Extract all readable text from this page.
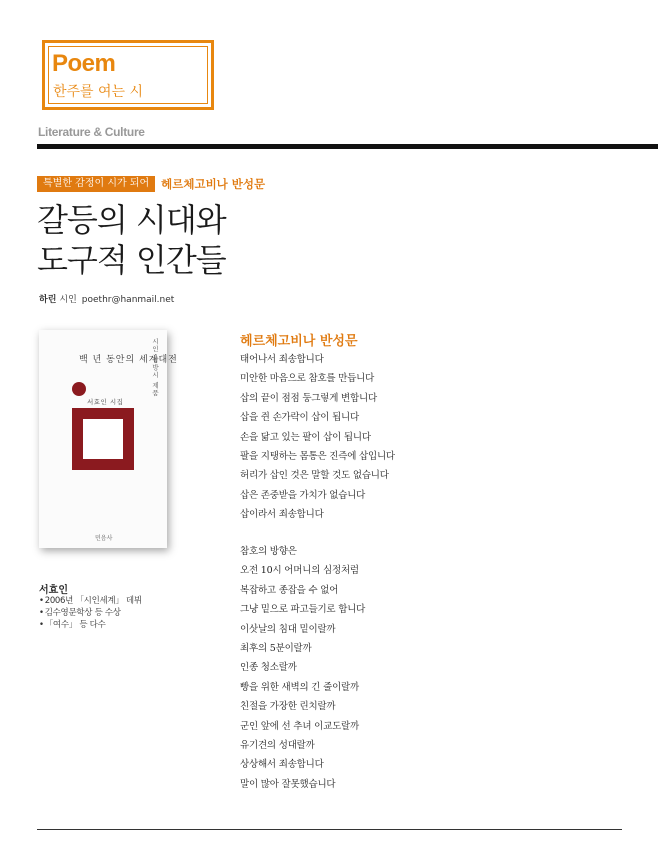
Poem
한주를 여는 시
Literature & Culture
특별한 감정이 시가 되어	헤르체고비나 반성문
갈등의 시대와
도구적 인간들
하린 시인 poethr@hanmail.net
백 년 동안의 세계대전
시인 창방시 제품
서효인 시집
민음사
서효인
• 2006년 「시인세계」 데뷔
• 김수영문학상 등 수상
• 「여수」 등 다수
헤르체고비나 반성문
태어나서 죄송합니다
미안한 마음으로 참호를 만듭니다
삽의 끝이 점점 둥그렇게 변합니다
삽을 쥔 손가락이 삽이 됩니다
손을 닮고 있는 팔이 삽이 됩니다
팔을 지탱하는 몸통은 진즉에 삽입니다
허리가 삽인 것은 말할 것도 없습니다
삽은 존중받을 가치가 없습니다
삽이라서 죄송합니다
참호의 방향은
오전 10시 어머니의 심정처럼
복잡하고 종잡을 수 없어
그냥 밑으로 파고들기로 합니다
이삿날의 침대 밑이랄까
최후의 5분이랄까
인종 청소랄까
빵을 위한 새벽의 긴 줄이랄까
친절을 가장한 린치랄까
군인 앞에 선 추녀 이교도랄까
유기견의 성대랄까
상상해서 죄송합니다
말이 많아 잘못했습니다
